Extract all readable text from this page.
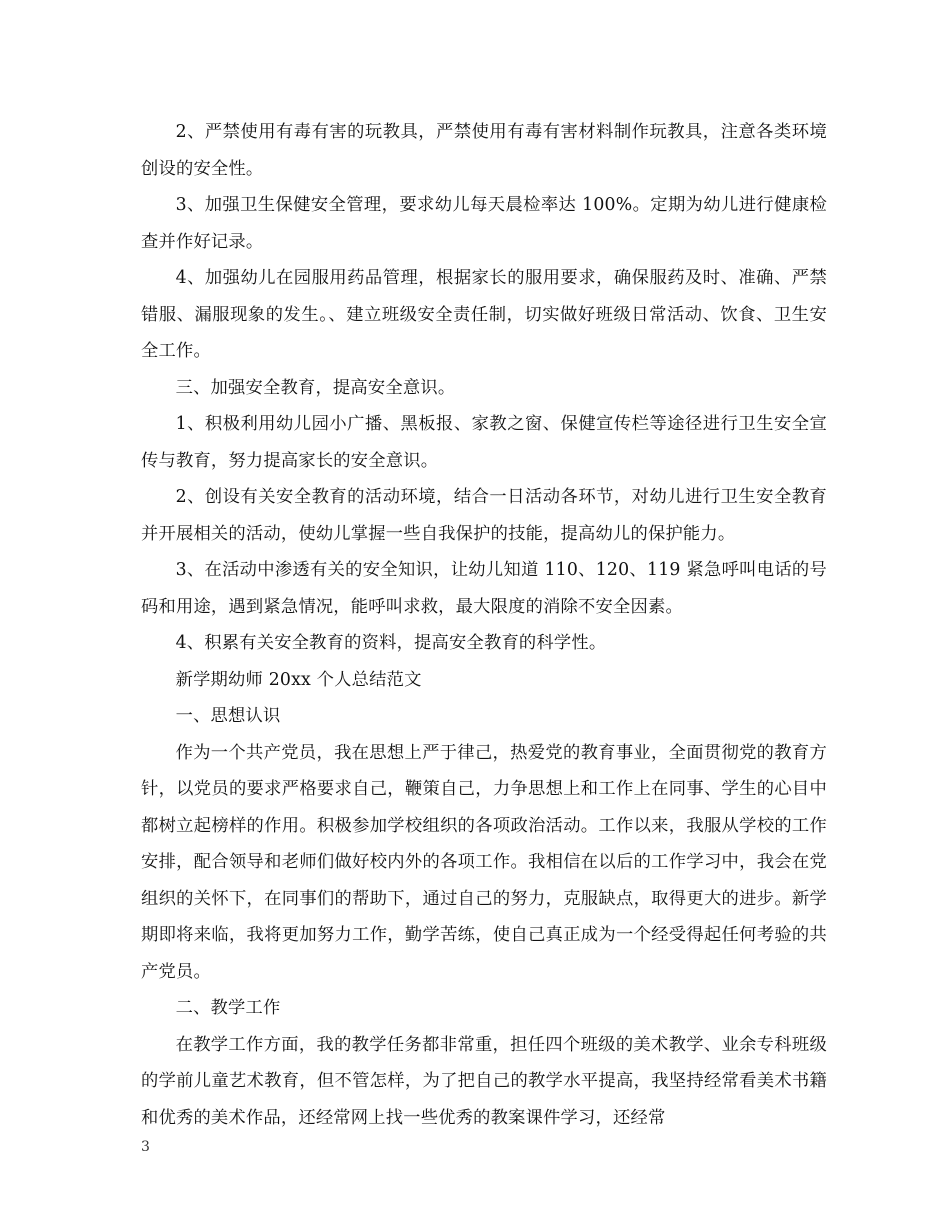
2、严禁使用有毒有害的玩教具，严禁使用有毒有害材料制作玩教具，注意各类环境创设的安全性。

3、加强卫生保健安全管理，要求幼儿每天晨检率达 100%。定期为幼儿进行健康检查并作好记录。

4、加强幼儿在园服用药品管理，根据家长的服用要求，确保服药及时、准确、严禁错服、漏服现象的发生。、建立班级安全责任制，切实做好班级日常活动、饮食、卫生安全工作。

三、加强安全教育，提高安全意识。

1、积极利用幼儿园小广播、黑板报、家教之窗、保健宣传栏等途径进行卫生安全宣传与教育，努力提高家长的安全意识。

2、创设有关安全教育的活动环境，结合一日活动各环节，对幼儿进行卫生安全教育并开展相关的活动，使幼儿掌握一些自我保护的技能，提高幼儿的保护能力。

3、在活动中渗透有关的安全知识，让幼儿知道 110、120、119 紧急呼叫电话的号码和用途，遇到紧急情况，能呼叫求救，最大限度的消除不安全因素。

4、积累有关安全教育的资料，提高安全教育的科学性。

新学期幼师 20xx 个人总结范文

一、思想认识

作为一个共产党员，我在思想上严于律己，热爱党的教育事业，全面贯彻党的教育方针，以党员的要求严格要求自己，鞭策自己，力争思想上和工作上在同事、学生的心目中都树立起榜样的作用。积极参加学校组织的各项政治活动。工作以来，我服从学校的工作安排，配合领导和老师们做好校内外的各项工作。我相信在以后的工作学习中，我会在党组织的关怀下，在同事们的帮助下，通过自己的努力，克服缺点，取得更大的进步。新学期即将来临，我将更加努力工作，勤学苦练，使自己真正成为一个经受得起任何考验的共产党员。

二、教学工作

在教学工作方面，我的教学任务都非常重，担任四个班级的美术教学、业余专科班级的学前儿童艺术教育，但不管怎样，为了把自己的教学水平提高，我坚持经常看美术书籍和优秀的美术作品，还经常网上找一些优秀的教案课件学习，还经常

3
